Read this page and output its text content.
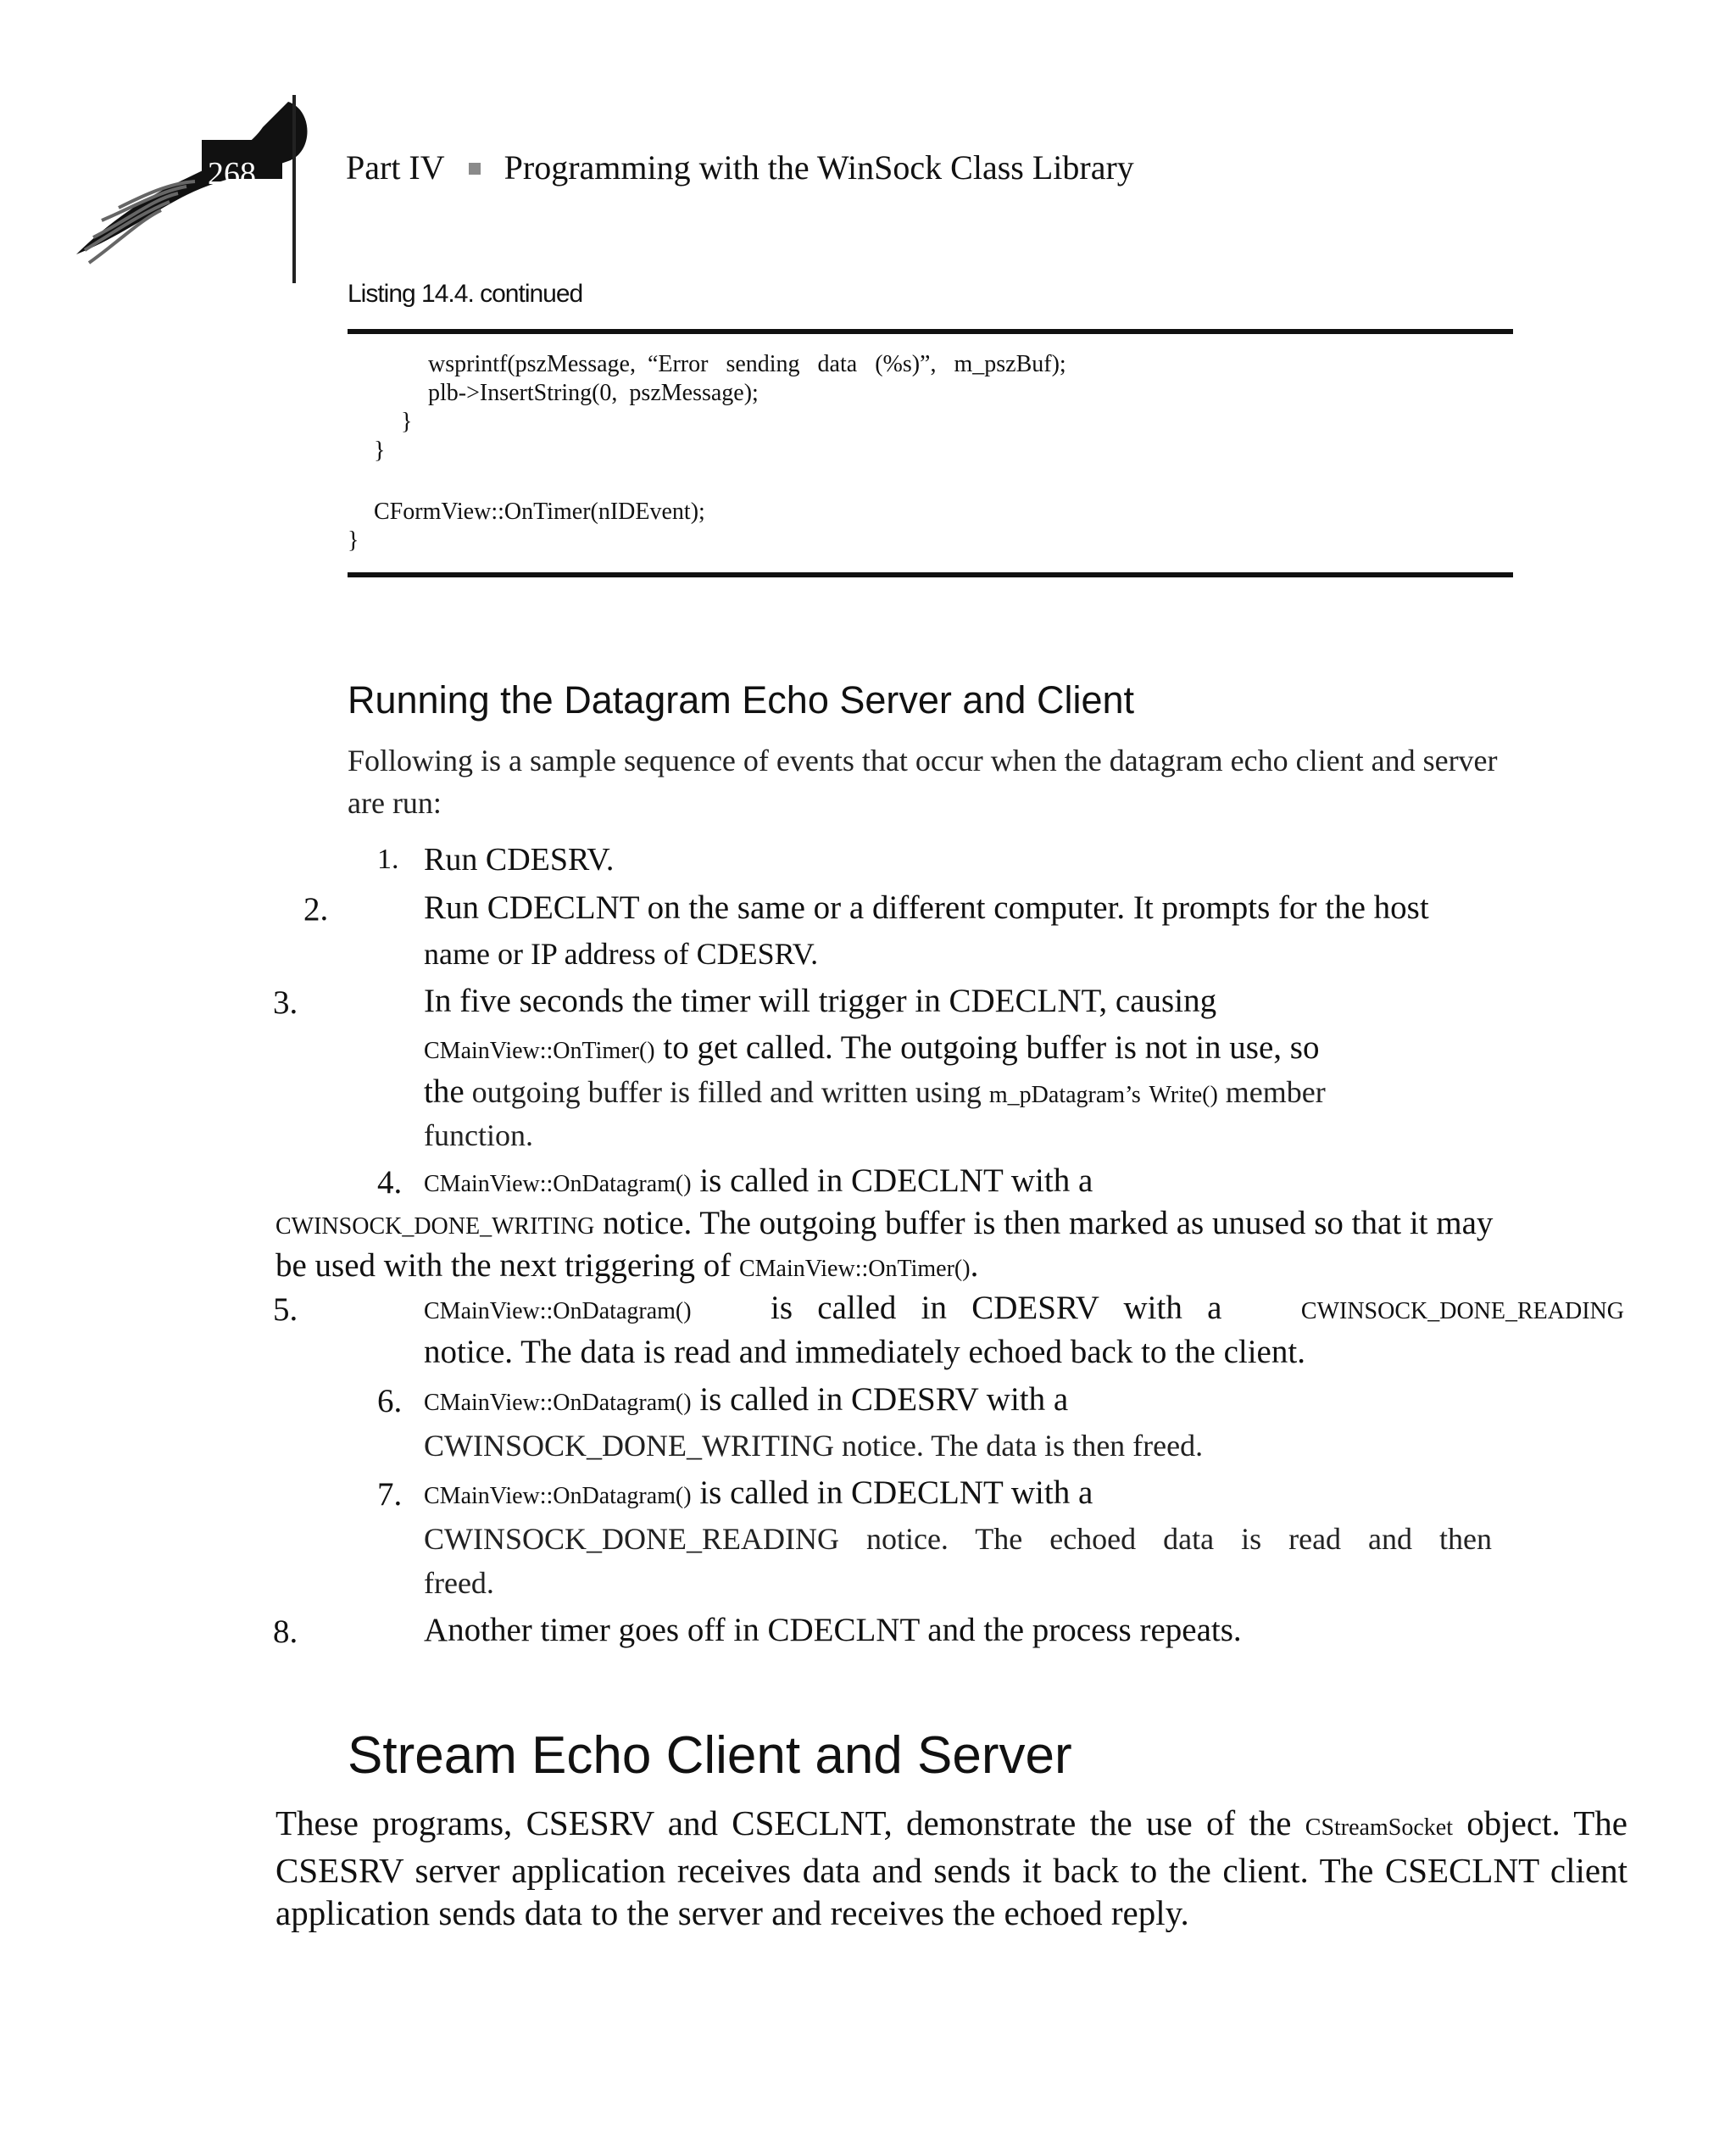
268	Part IV Programming with the WinSock Class Library
Listing 14.4. continued
wsprintf(pszMessage,  “Error   sending   data   (%s)”,   m_pszBuf);
plb->InsertString(0,  pszMessage);
}
}
CFormView::OnTimer(nIDEvent);
}
Running the Datagram Echo Server and Client
Following is a sample sequence of events that occur when the datagram echo client and server are run:
1. Run CDESRV.
2.	Run CDECLNT on the same or a different computer. It prompts for the host
name or IP address of CDESRV.
3.	In five seconds the timer will trigger in CDECLNT, causing
CMainView::OnTimer() to get called. The outgoing buffer is not in use, so
the outgoing buffer is filled and written using m_pDatagram’s Write() member
function.
4. CMainView::OnDatagram() is called in CDECLNT with a
CWINSOCK_DONE_WRITING notice. The outgoing buffer is then marked as unused so that it may
be used with the next triggering of CMainView::OnTimer().
5.	CMainView::OnDatagram() is   called   in   CDESRV   with   a	CWINSOCK_DONE_READING
notice. The data is read and immediately echoed back to the client.
6. CMainView::OnDatagram() is called in CDESRV with a
CWINSOCK_DONE_WRITING notice. The data is then freed.
7. CMainView::OnDatagram() is called in CDECLNT with a
CWINSOCK_DONE_READING notice. The echoed data is read and then
freed.
8.	Another timer goes off in CDECLNT and the process repeats.
Stream Echo Client and Server
These programs, CSESRV and CSECLNT, demonstrate the use of the CStreamSocket object. The CSESRV server application receives data and sends it back to the client. The CSECLNT client application sends data to the server and receives the echoed reply.
